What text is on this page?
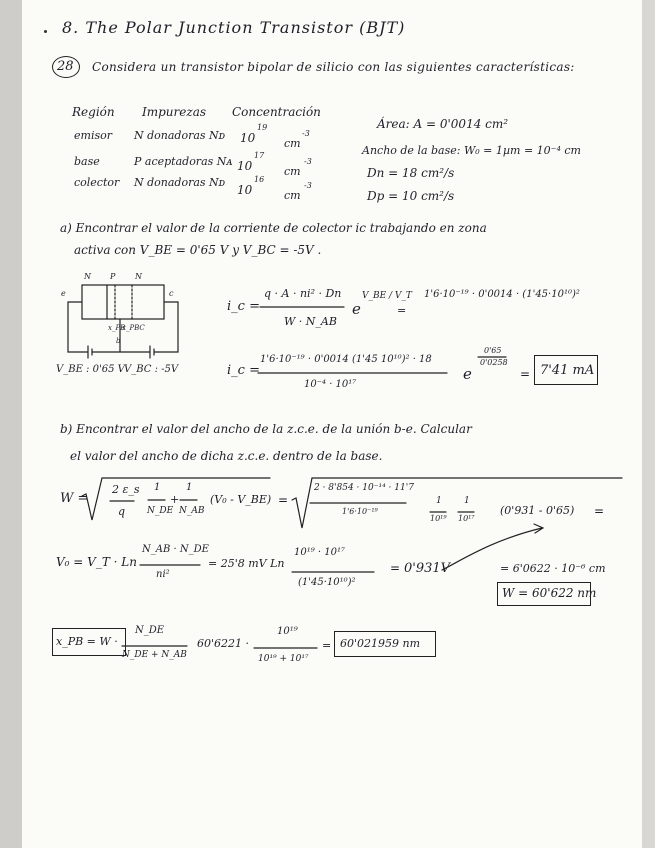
8. The Polar Junction Transistor (BJT)
28 Considera un transistor bipolar de silicio con las siguientes características:
Región Impurezas Concentración
emisor N donadoras Nᴅ 10
19
cm
-3
base	P aceptadoras Nᴀ 10
17
cm
-3
colector N donadoras Nᴅ
10
16
cm
-3
Área: A = 0'0014 cm²
Ancho de la base: W₀ = 1µm = 10⁻⁴ cm
Dn = 18 cm²/s
Dp = 10 cm²/s
a) Encontrar el valor de la corriente de colector ic trabajando en zona
activa con V_BE = 0'65 V y V_BC = -5V .
N P N
e	c
x_PB
x_PBC
b
V_BE : 0'65 V V_BC : -5V
i_c =
q · A · ni² · Dn
W · N_AB
e
V_BE / V_T
=
1'6·10⁻¹⁹ · 0'0014 · (1'45·10¹⁰)²
i_c =
1'6·10⁻¹⁹ · 0'0014 (1'45 10¹⁰)² · 18
10⁻⁴ · 10¹⁷
e
0'65
0'0258
= 7'41 mA
b) Encontrar el valor del ancho de la z.c.e. de la unión b-e. Calcular
el valor del ancho de dicha z.c.e. dentro de la base.
W =
2 ε_s
q
1
N_DE
+
1
N_AB
(V₀ - V_BE) =
2 · 8'854 · 10⁻¹⁴ · 11'7
1'6·10⁻¹⁹
1
10¹⁹
1
10¹⁷
(0'931 - 0'65) =
V₀ = V_T · Ln
N_AB · N_DE
ni²
= 25'8 mV Ln
10¹⁹ · 10¹⁷
(1'45·10¹⁰)²
= 0'931V	= 6'0622 · 10⁻⁶ cm
W = 60'622 nm
x_PB = W ·
N_DE
N_DE + N_AB
60'6221 ·
10¹⁹
10¹⁹ + 10¹⁷
= 60'021959 nm
